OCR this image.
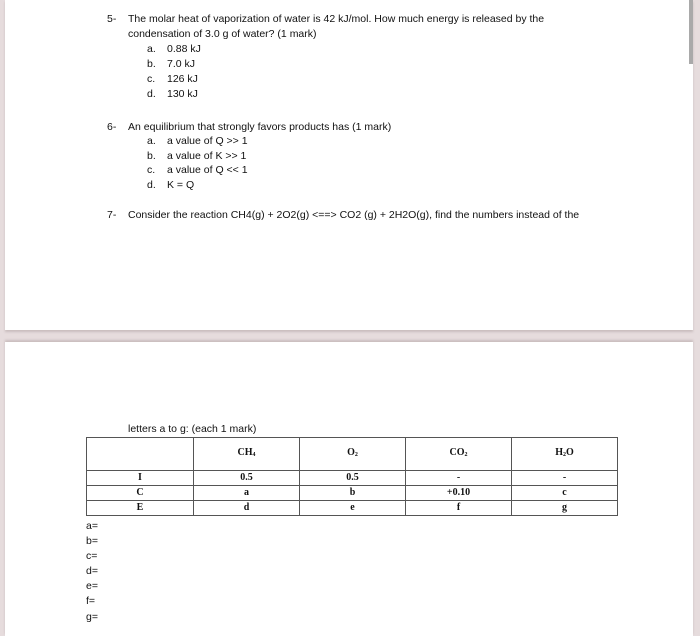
5- The molar heat of vaporization of water is 42 kJ/mol. How much energy is released by the
condensation of 3.0 g of water? (1 mark)
a. 0.88 kJ
b. 7.0 kJ
c. 126 kJ
d. 130 kJ
6- An equilibrium that strongly favors products has (1 mark)
a. a value of Q >> 1
b. a value of K >> 1
c. a value of Q << 1
d. K = Q
7- Consider the reaction CH4(g) + 2O2(g) <==> CO2 (g) + 2H2O(g), find the numbers instead of the
letters a to g: (each 1 mark)
	$CH_4$	$O_2$	$CO_2$	$H_2O$
I	0.5	0.5	-	-
C	a	b	+0.10	c
E	d	e	f	g
a=
b=
c=
d=
e=
f=
g=
